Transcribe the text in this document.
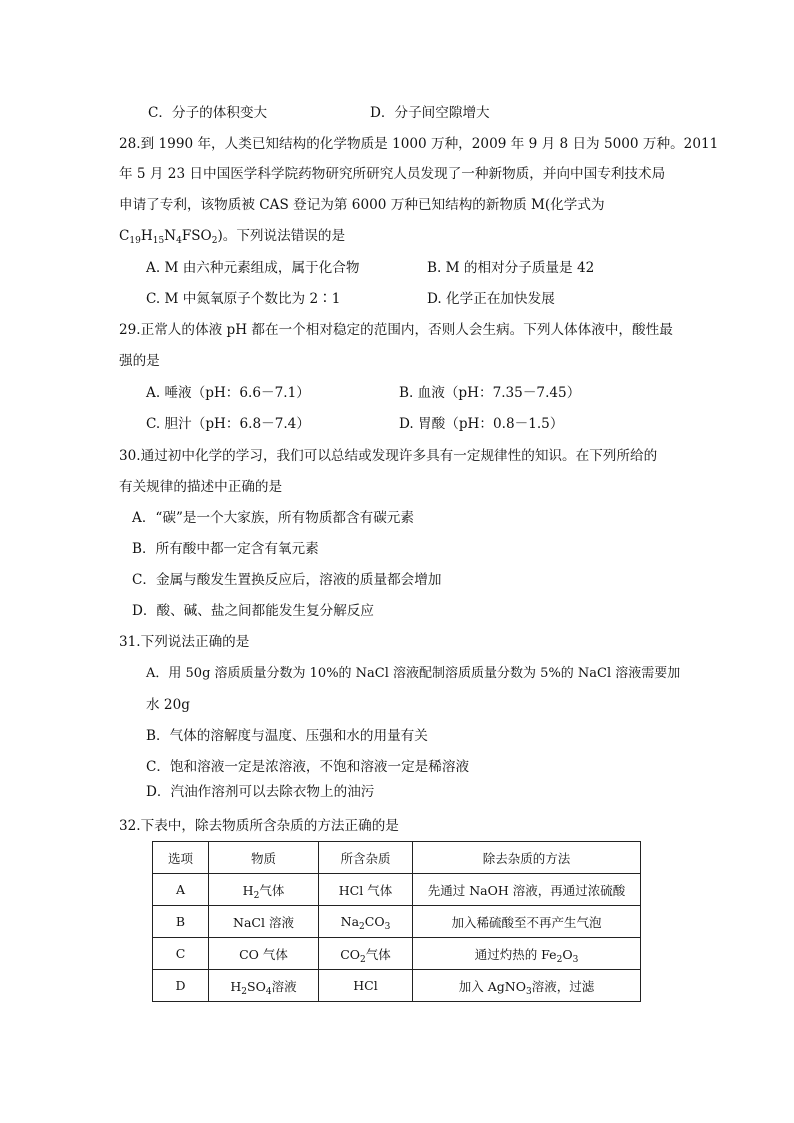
C．分子的体积变大	D．分子间空隙增大
28.到 1990 年，人类已知结构的化学物质是 1000 万种，2009 年 9 月 8 日为 5000 万种。2011
年 5 月 23 日中国医学科学院药物研究所研究人员发现了一种新物质，并向中国专利技术局
申请了专利，该物质被 CAS 登记为第 6000 万种已知结构的新物质 M(化学式为
$C_{19}H_{15}N_4FSO_2$)。下列说法错误的是
A. M 由六种元素组成，属于化合物	B. M 的相对分子质量是 42
C. M 中氮氧原子个数比为 2∶1	D. 化学正在加快发展
29.正常人的体液 pH 都在一个相对稳定的范围内，否则人会生病。下列人体体液中，酸性最
强的是
A. 唾液（pH：6.6－7.1）	B. 血液（pH：7.35－7.45）
C. 胆汁（pH：6.8－7.4）	D. 胃酸（pH：0.8－1.5）
30.通过初中化学的学习，我们可以总结或发现许多具有一定规律性的知识。在下列所给的
有关规律的描述中正确的是
A．“碳”是一个大家族，所有物质都含有碳元素
B．所有酸中都一定含有氧元素
C．金属与酸发生置换反应后，溶液的质量都会增加
D．酸、碱、盐之间都能发生复分解反应
31.下列说法正确的是
A．用 50g 溶质质量分数为 10%的 NaCl 溶液配制溶质质量分数为 5%的 NaCl 溶液需要加
水 20g
B．气体的溶解度与温度、压强和水的用量有关
C．饱和溶液一定是浓溶液，不饱和溶液一定是稀溶液
D．汽油作溶剂可以去除衣物上的油污
32.下表中，除去物质所含杂质的方法正确的是
选项	物质	所含杂质	除去杂质的方法
A	$H_2$气体	HCl 气体	先通过 NaOH 溶液，再通过浓硫酸
B	NaCl 溶液	$Na_2CO_3$	加入稀硫酸至不再产生气泡
C	CO 气体	$CO_2$气体	通过灼热的 $Fe_2O_3$
D	$H_2SO_4$溶液	HCl	加入 AgNO$_3$溶液，过滤
